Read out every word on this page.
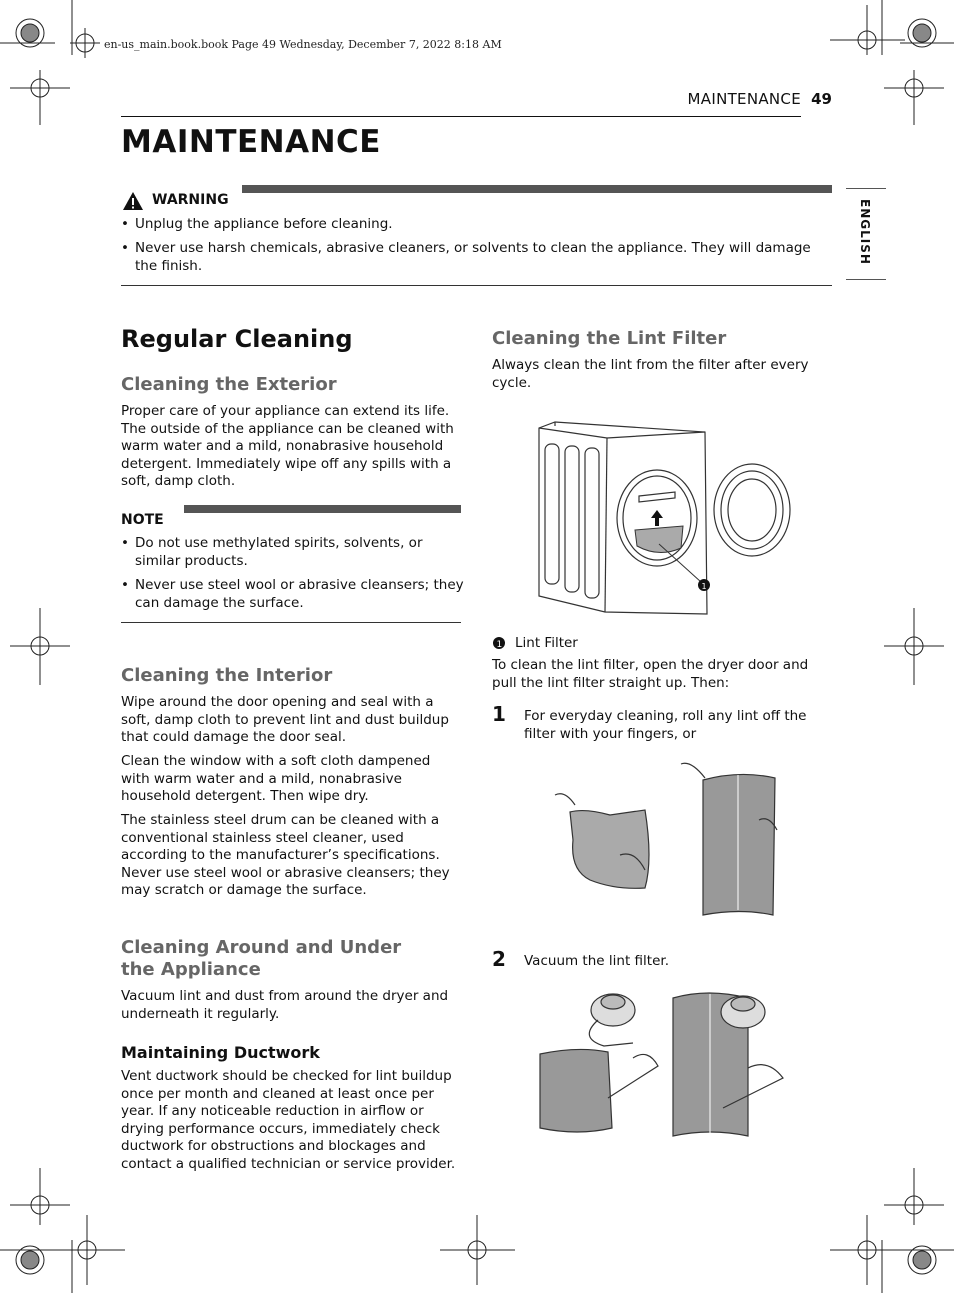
en-us_main.book.book Page 49 Wednesday, December 7, 2022 8:18 AM
MAINTENANCE 49
MAINTENANCE
ENGLISH
WARNING
• Unplug the appliance before cleaning.
• Never use harsh chemicals, abrasive cleaners, or solvents to clean the appliance. They will damage the finish.
Regular Cleaning
Cleaning the Exterior
Proper care of your appliance can extend its life. The outside of the appliance can be cleaned with warm water and a mild, nonabrasive household detergent. Immediately wipe off any spills with a soft, damp cloth.
NOTE
• Do not use methylated spirits, solvents, or similar products.
• Never use steel wool or abrasive cleansers; they can damage the surface.
Cleaning the Interior
Wipe around the door opening and seal with a soft, damp cloth to prevent lint and dust buildup that could damage the door seal.
Clean the window with a soft cloth dampened with warm water and a mild, nonabrasive household detergent. Then wipe dry.
The stainless steel drum can be cleaned with a conventional stainless steel cleaner, used according to the manufacturer’s specifications. Never use steel wool or abrasive cleansers; they may scratch or damage the surface.
Cleaning Around and Under the Appliance
Vacuum lint and dust from around the dryer and underneath it regularly.
Maintaining Ductwork
Vent ductwork should be checked for lint buildup once per month and cleaned at least once per year. If any noticeable reduction in airflow or drying performance occurs, immediately check ductwork for obstructions and blockages and contact a qualified technician or service provider.
Cleaning the Lint Filter
Always clean the lint from the filter after every cycle.
1
1 Lint Filter
To clean the lint filter, open the dryer door and pull the lint filter straight up. Then:
1 For everyday cleaning, roll any lint off the filter with your fingers, or
2 Vacuum the lint filter.
